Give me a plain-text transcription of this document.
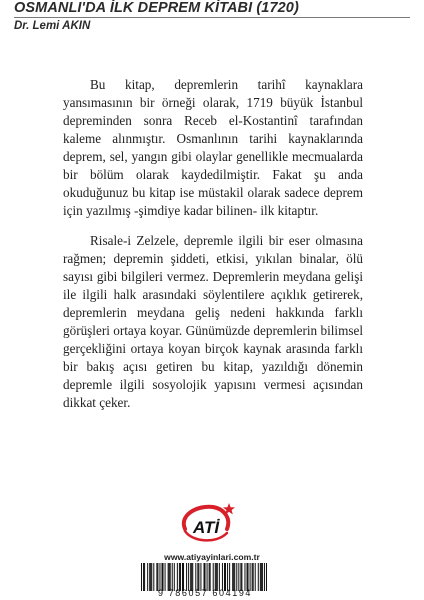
OSMANLI'DA İLK DEPREM KİTABI (1720)
Dr. Lemi AKIN

Bu kitap, depremlerin tarihî kaynaklara yansımasının bir örneği olarak, 1719 büyük İstanbul depreminden sonra Receb el-Kostantinî tarafından kaleme alınmıştır. Osmanlının tarihi kaynaklarında deprem, sel, yangın gibi olaylar genellikle mecmualarda bir bölüm olarak kaydedilmiştir. Fakat şu anda okuduğunuz bu kitap ise müstakil olarak sadece deprem için yazılmış -şimdiye kadar bilinen- ilk kitaptır.

Risale-i Zelzele, depremle ilgili bir eser olmasına rağmen; depremin şiddeti, etkisi, yıkılan binalar, ölü sayısı gibi bilgileri vermez. Depremlerin meydana gelişi ile ilgili halk arasındaki söylentilere açıklık getirerek, depremlerin meydana geliş nedeni hakkında farklı görüşleri ortaya koyar. Günümüzde depremlerin bilimsel gerçekliğini ortaya koyan birçok kaynak arasında farklı bir bakış açısı getiren bu kitap, yazıldığı dönemin depremle ilgili sosyolojik yapısını vermesi açısından dikkat çeker.

ATİ
www.atiyayinlari.com.tr
9 786057 604194
